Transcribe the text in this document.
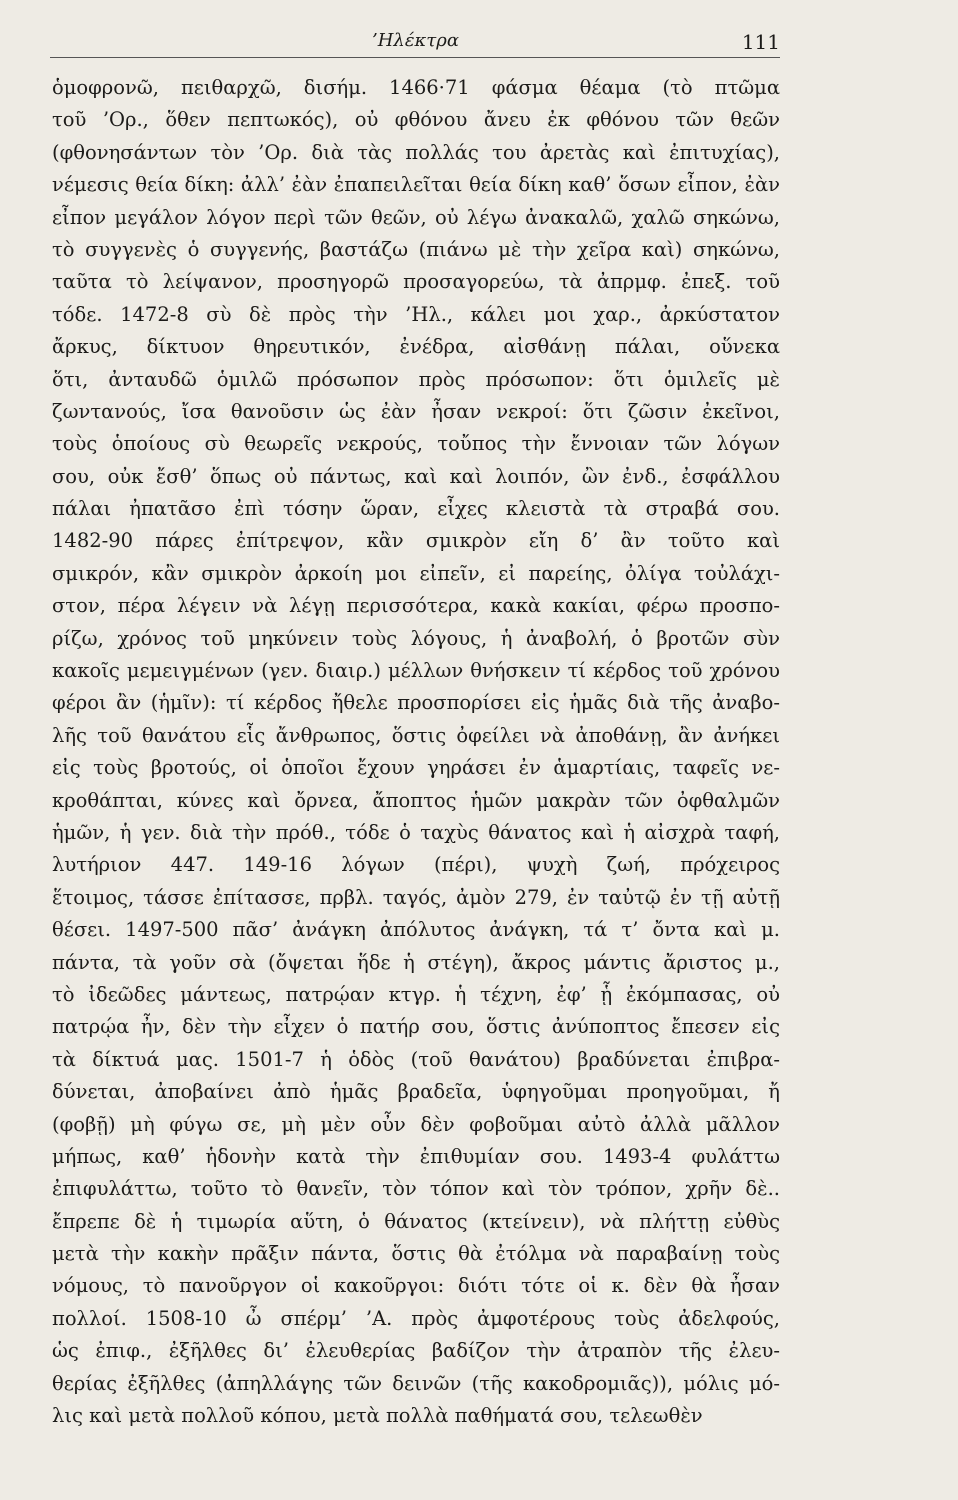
’Ηλέκτρα	111
ὁμοφρονῶ, πειθαρχῶ, δισήμ. 1466·71 φάσμα θέαμα (τὸ πτῶμα
τοῦ ’Ορ., ὅθεν πεπτωκός), οὐ φθόνου ἄνευ ἐκ φθόνου τῶν θεῶν
(φθονησάντων τὸν ’Ορ. διὰ τὰς πολλάς του ἀρετὰς καὶ ἐπιτυχίας),
νέμεσις θεία δίκη: ἀλλ’ ἐὰν ἐπαπειλεῖται θεία δίκη καθ’ ὅσων εἶπον, ἐὰν
εἶπον μεγάλον λόγον περὶ τῶν θεῶν, οὐ λέγω ἀνακαλῶ, χαλῶ σηκώνω,
τὸ συγγενὲς ὁ συγγενής, βαστάζω (πιάνω μὲ τὴν χεῖρα καὶ) σηκώνω,
ταῦτα τὸ λείψανον, προσηγορῶ προσαγορεύω, τὰ ἀπρμφ. ἐπεξ. τοῦ
τόδε. 1472-8 σὺ δὲ πρὸς τὴν ’Ηλ., κάλει μοι χαρ., ἀρκύστατον
ἄρκυς, δίκτυον θηρευτικόν, ἐνέδρα, αἰσθάνῃ πάλαι, οὕνεκα
ὅτι, ἀνταυδῶ ὁμιλῶ πρόσωπον πρὸς πρόσωπον: ὅτι ὁμιλεῖς μὲ
ζωντανούς, ἴσα θανοῦσιν ὡς ἐὰν ἦσαν νεκροί: ὅτι ζῶσιν ἐκεῖνοι,
τοὺς ὁποίους σὺ θεωρεῖς νεκρούς, τοὔπος τὴν ἔννοιαν τῶν λόγων
σου, οὐκ ἔσθ’ ὅπως οὐ πάντως, καὶ καὶ λοιπόν, ὢν ἐνδ., ἐσφάλλου
πάλαι ἠπατᾶσο ἐπὶ τόσην ὥραν, εἶχες κλειστὰ τὰ στραβά σου.
1482-90 πάρες ἐπίτρεψον, κἂν σμικρὸν εἴη δ’ ἂν τοῦτο καὶ
σμικρόν, κἂν σμικρὸν ἀρκοίη μοι εἰπεῖν, εἰ παρείης, ὀλίγα τοὐλάχι-
στον, πέρα λέγειν νὰ λέγῃ περισσότερα, κακὰ κακίαι, φέρω προσπο-
ρίζω, χρόνος τοῦ μηκύνειν τοὺς λόγους, ἡ ἀναβολή, ὁ βροτῶν σὺν
κακοῖς μεμειγμένων (γεν. διαιρ.) μέλλων θνήσκειν τί κέρδος τοῦ χρόνου
φέροι ἂν (ἡμῖν): τί κέρδος ἤθελε προσπορίσει εἰς ἡμᾶς διὰ τῆς ἀναβο-
λῆς τοῦ θανάτου εἷς ἄνθρωπος, ὅστις ὀφείλει νὰ ἀποθάνῃ, ἂν ἀνήκει
εἰς τοὺς βροτούς, οἱ ὁποῖοι ἔχουν γηράσει ἐν ἁμαρτίαις, ταφεῖς νε-
κροθάπται, κύνες καὶ ὄρνεα, ἄποπτος ἡμῶν μακρὰν τῶν ὀφθαλμῶν
ἡμῶν, ἡ γεν. διὰ τὴν πρόθ., τόδε ὁ ταχὺς θάνατος καὶ ἡ αἰσχρὰ ταφή,
λυτήριον 447. 149-16 λόγων (πέρι), ψυχὴ ζωή, πρόχειρος
ἕτοιμος, τάσσε ἐπίτασσε, πρβλ. ταγός, ἀμὸν 279, ἐν ταὐτῷ ἐν τῇ αὐτῇ
θέσει. 1497-500 πᾶσ’ ἀνάγκη ἀπόλυτος ἀνάγκη, τά τ’ ὄντα καὶ μ.
πάντα, τὰ γοῦν σὰ (ὄψεται ἥδε ἡ στέγη), ἄκρος μάντις ἄριστος μ.,
τὸ ἰδεῶδες μάντεως, πατρῴαν κτγρ. ἡ τέχνη, ἐφ’ ᾗ ἐκόμπασας, οὐ
πατρῴα ἦν, δὲν τὴν εἶχεν ὁ πατήρ σου, ὅστις ἀνύποπτος ἔπεσεν εἰς
τὰ δίκτυά μας. 1501-7 ἡ ὁδὸς (τοῦ θανάτου) βραδύνεται ἐπιβρα-
δύνεται, ἀποβαίνει ἀπὸ ἡμᾶς βραδεῖα, ὑφηγοῦμαι προηγοῦμαι, ἤ
(φοβῇ) μὴ φύγω σε, μὴ μὲν οὖν δὲν φοβοῦμαι αὐτὸ ἀλλὰ μᾶλλον
μήπως, καθ’ ἡδονὴν κατὰ τὴν ἐπιθυμίαν σου. 1493-4 φυλάττω
ἐπιφυλάττω, τοῦτο τὸ θανεῖν, τὸν τόπον καὶ τὸν τρόπον, χρῆν δὲ..
ἔπρεπε δὲ ἡ τιμωρία αὕτη, ὁ θάνατος (κτείνειν), νὰ πλήττῃ εὐθὺς
μετὰ τὴν κακὴν πρᾶξιν πάντα, ὅστις θὰ ἐτόλμα νὰ παραβαίνῃ τοὺς
νόμους, τὸ πανοῦργον οἱ κακοῦργοι: διότι τότε οἱ κ. δὲν θὰ ἦσαν
πολλοί. 1508-10 ὦ σπέρμ’ ’Α. πρὸς ἀμφοτέρους τοὺς ἀδελφούς,
ὡς ἐπιφ., ἐξῆλθες δι’ ἐλευθερίας βαδίζον τὴν ἀτραπὸν τῆς ἐλευ-
θερίας ἐξῆλθες (ἀπηλλάγης τῶν δεινῶν (τῆς κακοδρομιᾶς)), μόλις μό-
λις καὶ μετὰ πολλοῦ κόπου, μετὰ πολλὰ παθήματά σου, τελεωθὲν
